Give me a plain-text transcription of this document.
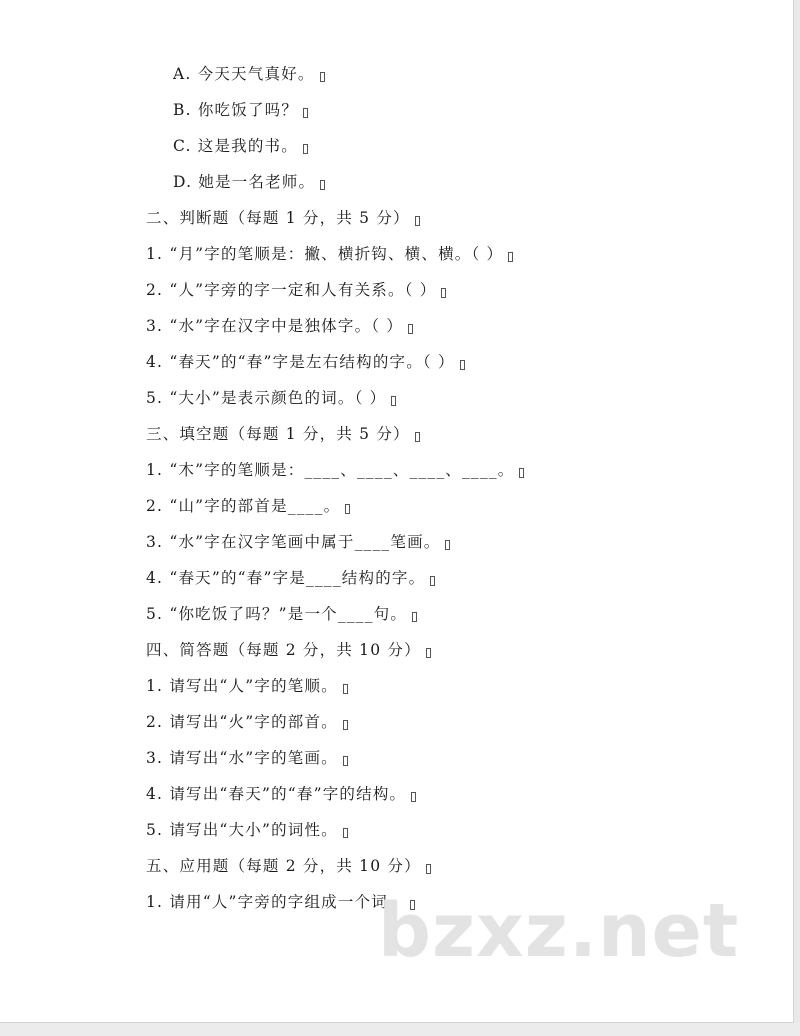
A. 今天天气真好。
B. 你吃饭了吗？
C. 这是我的书。
D. 她是一名老师。
二、判断题（每题 1 分，共 5 分）
1. “月”字的笔顺是：撇、横折钩、横、横。（ ）
2. “人”字旁的字一定和人有关系。（ ）
3. “水”字在汉字中是独体字。（ ）
4. “春天”的“春”字是左右结构的字。（ ）
5. “大小”是表示颜色的词。（ ）
三、填空题（每题 1 分，共 5 分）
1. “木”字的笔顺是：____、____、____、____。
2. “山”字的部首是____。
3. “水”字在汉字笔画中属于____笔画。
4. “春天”的“春”字是____结构的字。
5. “你吃饭了吗？”是一个____句。
四、简答题（每题 2 分，共 10 分）
1. 请写出“人”字的笔顺。
2. 请写出“火”字的部首。
3. 请写出“水”字的笔画。
4. 请写出“春天”的“春”字的结构。
5. 请写出“大小”的词性。
五、应用题（每题 2 分，共 10 分）
1. 请用“人”字旁的字组成一个词。
bzxz.net
